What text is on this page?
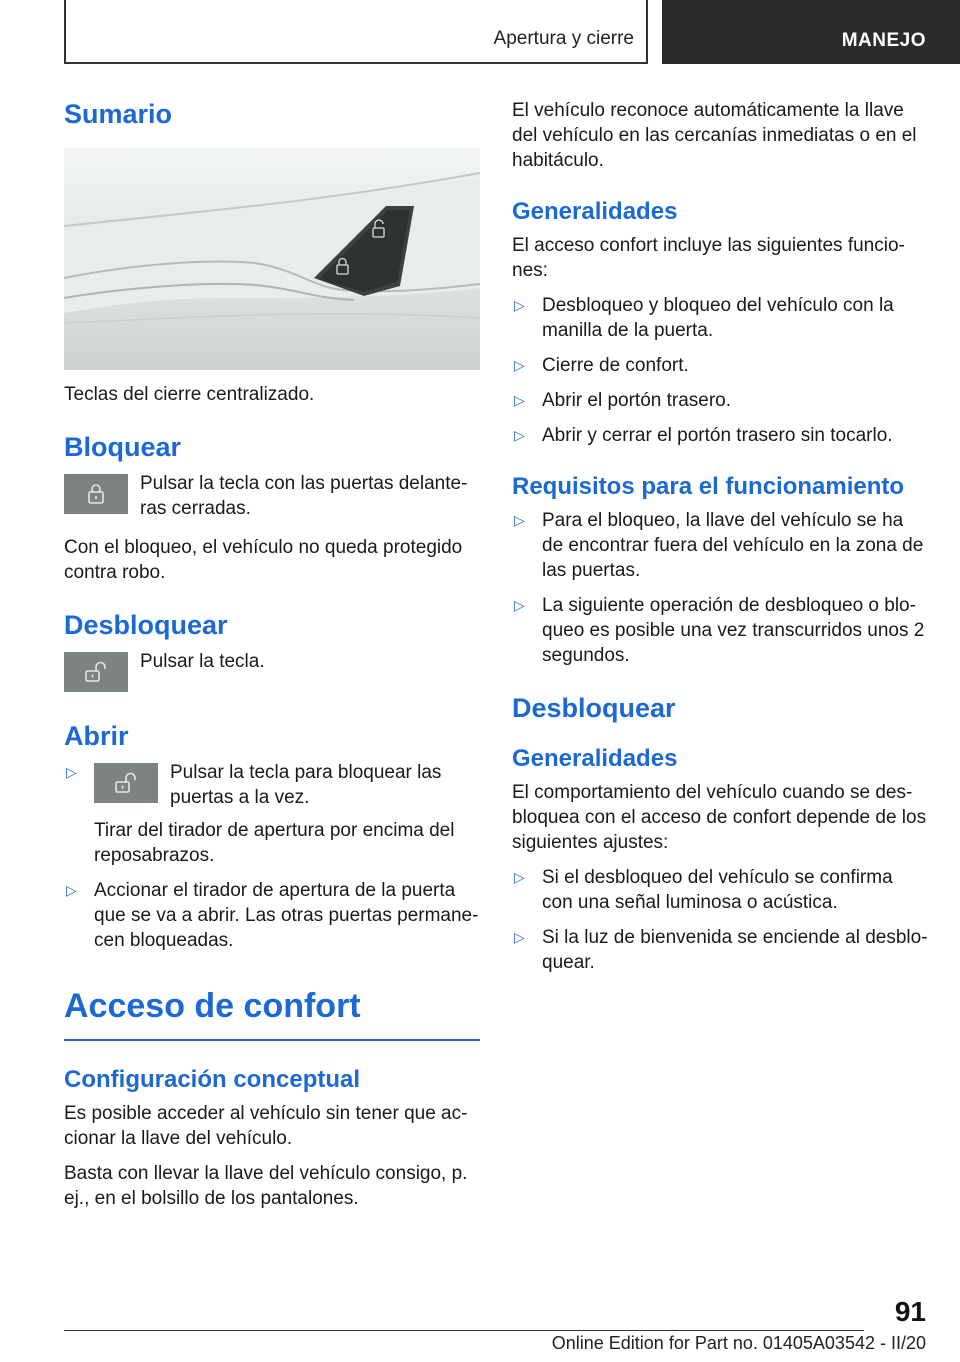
Apertura y cierre	MANEJO
Sumario

Teclas del cierre centralizado.

Bloquear
Pulsar la tecla con las puertas delante‐ras cerradas.

Con el bloqueo, el vehículo no queda protegido contra robo.

Desbloquear
Pulsar la tecla.
Abrir
▷	Pulsar la tecla para bloquear las puertas a la vez.
Tirar del tirador de apertura por encima del reposabrazos.
▷ Accionar el tirador de apertura de la puerta que se va a abrir. Las otras puertas permane‐cen bloqueadas.
Acceso de confort
Configuración conceptual

Es posible acceder al vehículo sin tener que ac‐cionar la llave del vehículo.

Basta con llevar la llave del vehículo consigo, p. ej., en el bolsillo de los pantalones.

El vehículo reconoce automáticamente la llave del vehículo en las cercanías inmediatas o en el habitáculo.

Generalidades

El acceso confort incluye las siguientes funcio‐nes:

▷ Desbloqueo y bloqueo del vehículo con la manilla de la puerta.
▷ Cierre de confort.
▷ Abrir el portón trasero.
▷ Abrir y cerrar el portón trasero sin tocarlo.
Requisitos para el funcionamiento
▷ Para el bloqueo, la llave del vehículo se ha de encontrar fuera del vehículo en la zona de las puertas.
▷ La siguiente operación de desbloqueo o blo‐queo es posible una vez transcurridos unos 2 segundos.
Desbloquear
Generalidades

El comportamiento del vehículo cuando se des‐bloquea con el acceso de confort depende de los siguientes ajustes:

▷ Si el desbloqueo del vehículo se confirma con una señal luminosa o acústica.
▷ Si la luz de bienvenida se enciende al desblo‐quear.
91
Online Edition for Part no. 01405A03542 - II/20
